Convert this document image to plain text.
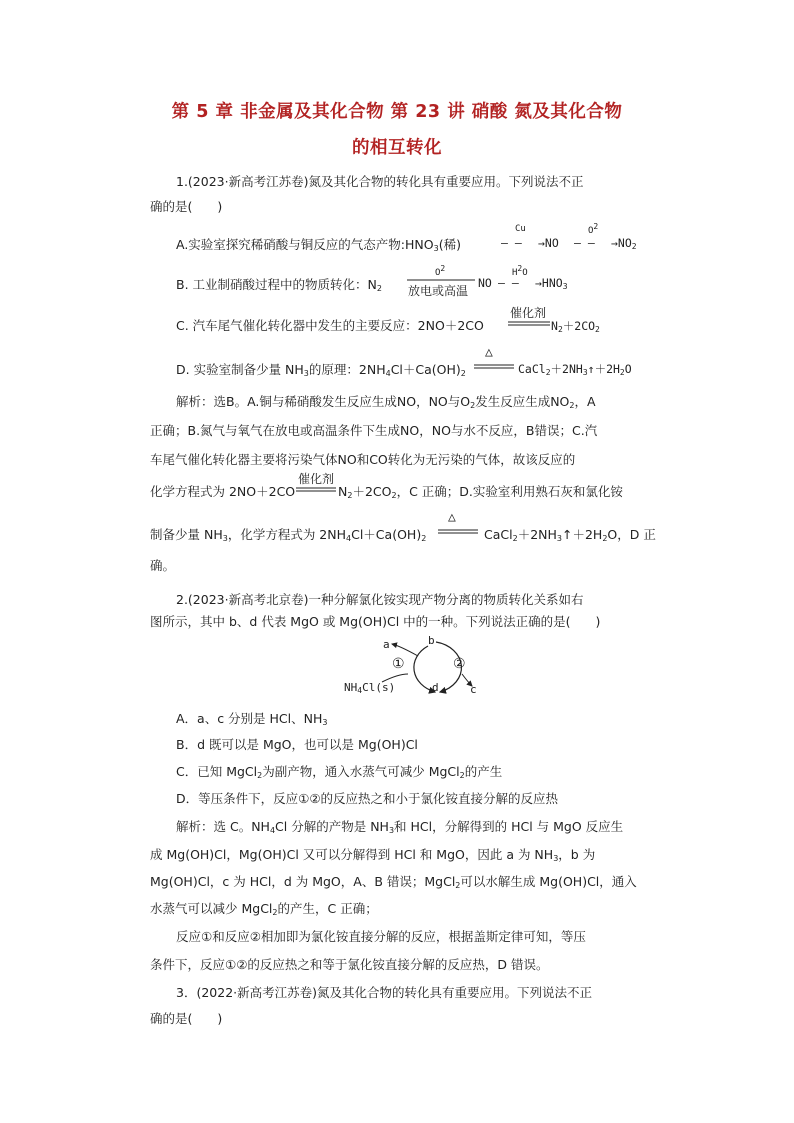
第 5 章 非金属及其化合物 第 23 讲 硝酸 氮及其化合物
的相互转化
1.(2023·新高考江苏卷)氮及其化合物的转化具有重要应用。下列说法不正
确的是(　　)
A.实验室探究稀硝酸与铜反应的气态产物$:HNO_3$(稀)
Cu
— — →NO
$O^2$
— — $\to NO_2$
B. 工业制硝酸过程中的物质转化：$N_2$
$O^2$
放电或高温
NO
$H^2O$
— — $\to HNO_3$
C. 汽车尾气催化转化器中发生的主要反应：2NO＋2CO
催化剂
$N_2+2CO_2$
D. 实验室制备少量 $NH_3$的原理：$2NH_4Cl+Ca(OH)_2$
△
$CaCl_2+2NH_3↑+2H_2O$
解析：选B。A.铜与稀硝酸发生反应生成NO，NO与$O_2$发生反应生成$NO_2$，A
正确；B.氮气与氧气在放电或高温条件下生成NO，NO与水不反应，B错误；C.汽
车尾气催化转化器主要将污染气体NO和CO转化为无污染的气体，故该反应的
化学方程式为 2NO＋2CO
催化剂
$N_2+2CO_2$，C 正确；D.实验室利用熟石灰和氯化铵
制备少量 $NH_3$，化学方程式为 $2NH_4Cl+Ca(OH)_2$
△
$CaCl_2+2NH_3↑+2H_2O$，D 正
确。
2.(2023·新高考北京卷)一种分解氯化铵实现产物分离的物质转化关系如右
图所示，其中 b、d 代表 MgO 或 Mg(OH)Cl 中的一种。下列说法正确的是(　　)
a	b
①	②
d	c
$NH_4Cl(s)$
A．a、c 分别是 HCl、$NH_3$
B．d 既可以是 MgO，也可以是 Mg(OH)Cl
C．已知 MgCl$_2$为副产物，通入水蒸气可减少 MgCl$_2$的产生
D．等压条件下，反应①②的反应热之和小于氯化铵直接分解的反应热
解析：选 C。$NH_4Cl$ 分解的产物是 $NH_3$和 HCl，分解得到的 HCl 与 MgO 反应生
成 Mg(OH)Cl，Mg(OH)Cl 又可以分解得到 HCl 和 MgO，因此 a 为 $NH_3$，b 为
Mg(OH)Cl，c 为 HCl，d 为 MgO，A、B 错误；MgCl$_2$可以水解生成 Mg(OH)Cl，通入
水蒸气可以减少 MgCl$_2$的产生，C 正确；
反应①和反应②相加即为氯化铵直接分解的反应，根据盖斯定律可知，等压
条件下，反应①②的反应热之和等于氯化铵直接分解的反应热，D 错误。
3．(2022·新高考江苏卷)氮及其化合物的转化具有重要应用。下列说法不正
确的是(　　)
